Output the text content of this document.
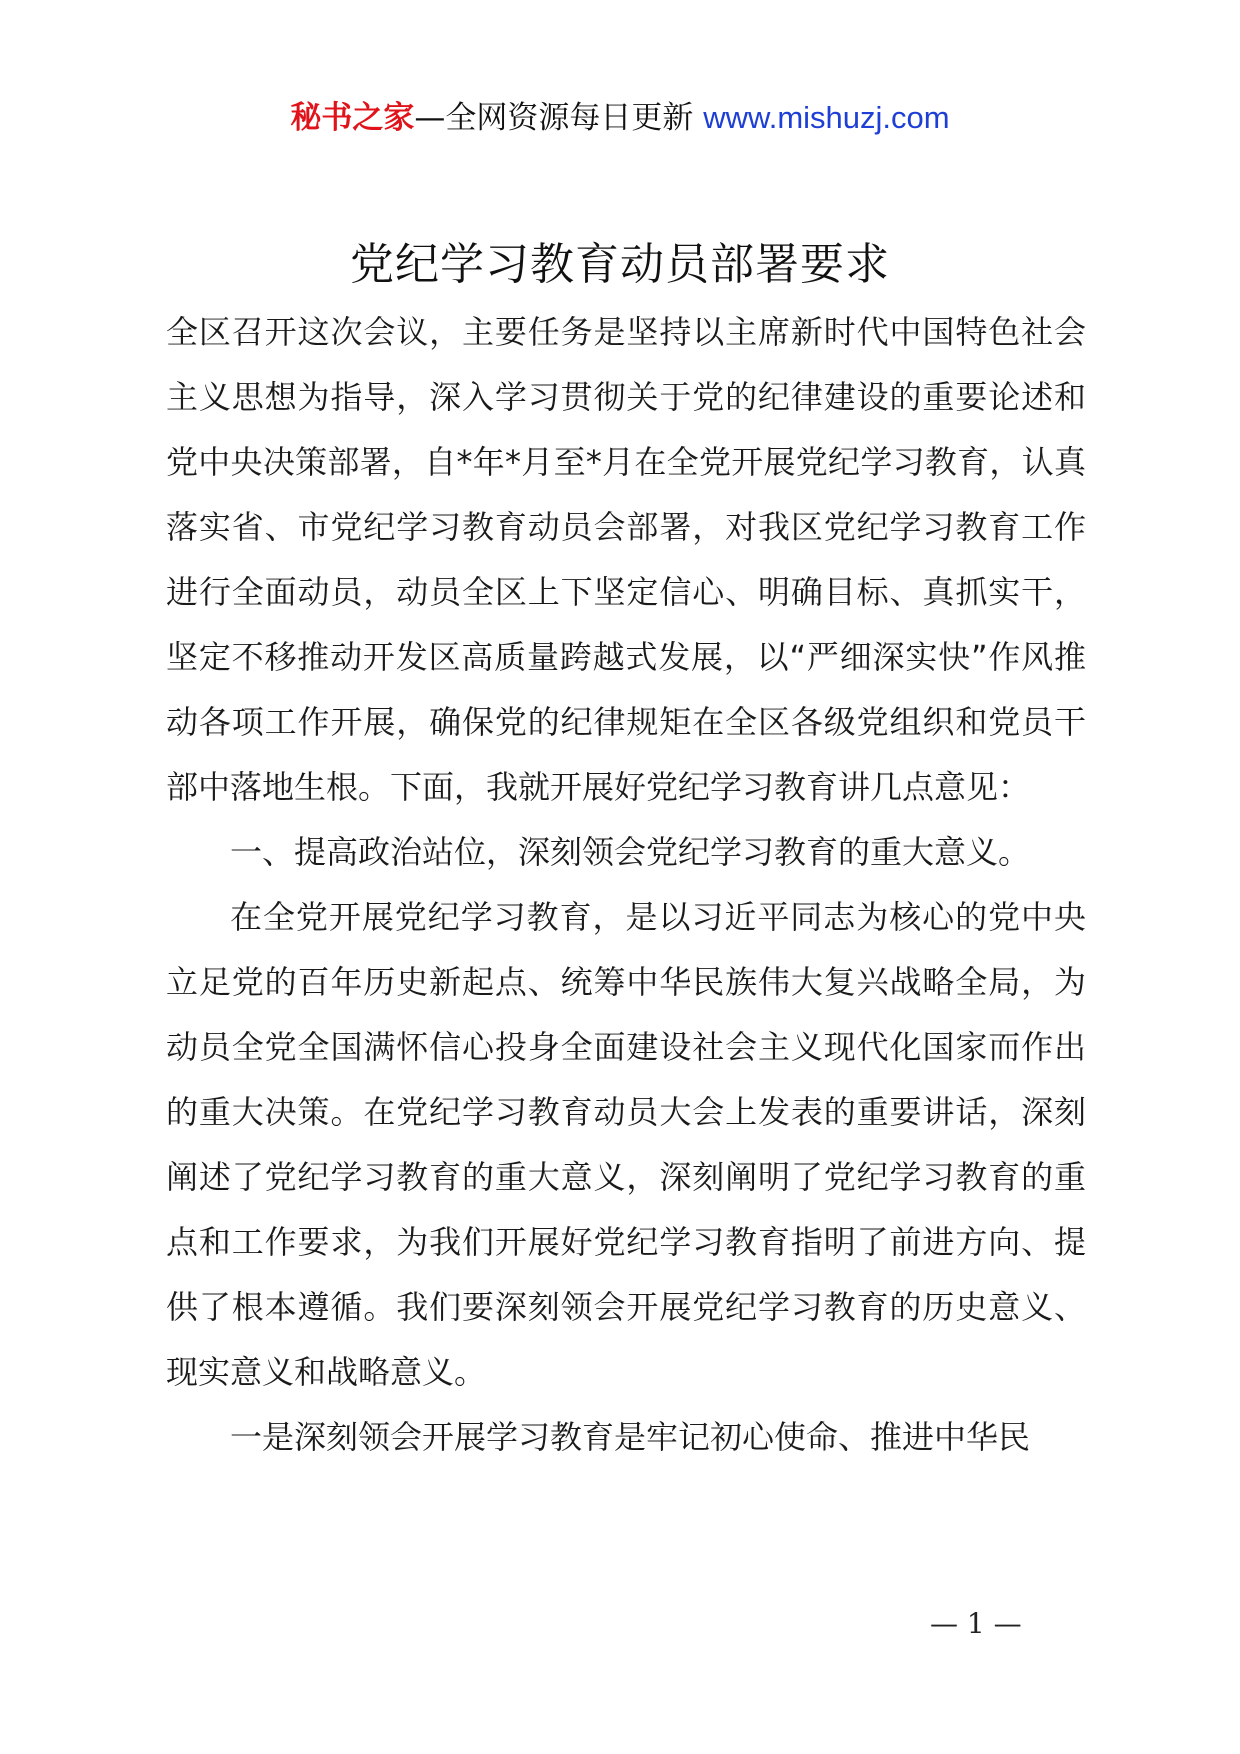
秘书之家—全网资源每日更新 www.mishuzj.com
党纪学习教育动员部署要求

全区召开这次会议，主要任务是坚持以主席新时代中国特色社会主义思想为指导，深入学习贯彻关于党的纪律建设的重要论述和党中央决策部署，自*年*月至*月在全党开展党纪学习教育，认真落实省、市党纪学习教育动员会部署，对我区党纪学习教育工作进行全面动员，动员全区上下坚定信心、明确目标、真抓实干，坚定不移推动开发区高质量跨越式发展，以“严细深实快”作风推动各项工作开展，确保党的纪律规矩在全区各级党组织和党员干部中落地生根。下面，我就开展好党纪学习教育讲几点意见：

一、提高政治站位，深刻领会党纪学习教育的重大意义。

在全党开展党纪学习教育，是以习近平同志为核心的党中央立足党的百年历史新起点、统筹中华民族伟大复兴战略全局，为动员全党全国满怀信心投身全面建设社会主义现代化国家而作出的重大决策。在党纪学习教育动员大会上发表的重要讲话，深刻阐述了党纪学习教育的重大意义，深刻阐明了党纪学习教育的重点和工作要求，为我们开展好党纪学习教育指明了前进方向、提供了根本遵循。我们要深刻领会开展党纪学习教育的历史意义、现实意义和战略意义。

一是深刻领会开展学习教育是牢记初心使命、推进中华民

— 1 —
